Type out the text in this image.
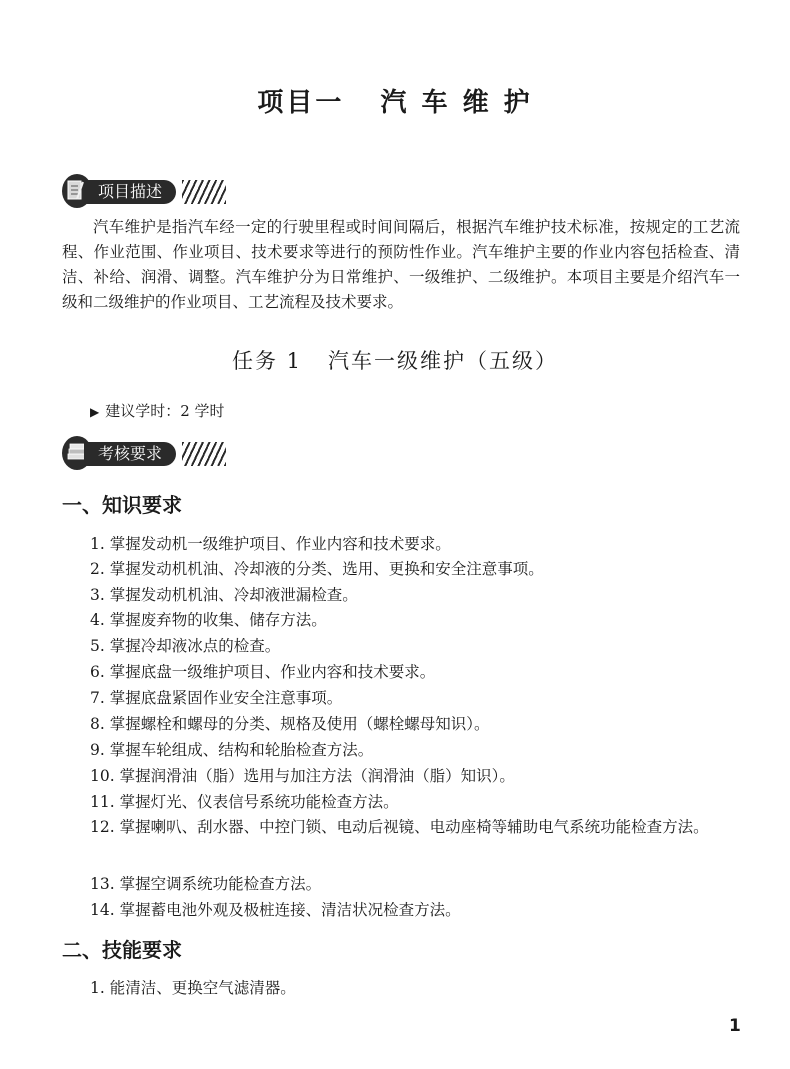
项目一   汽 车 维 护
项目描述

汽车维护是指汽车经一定的行驶里程或时间间隔后，根据汽车维护技术标准，按规定的工艺流程、作业范围、作业项目、技术要求等进行的预防性作业。汽车维护主要的作业内容包括检查、清洁、补给、润滑、调整。汽车维护分为日常维护、一级维护、二级维护。本项目主要是介绍汽车一级和二级维护的作业项目、工艺流程及技术要求。

任务 1   汽车一级维护（五级）
▶ 建议学时：2 学时
考核要求
一、知识要求
1. 掌握发动机一级维护项目、作业内容和技术要求。
2. 掌握发动机机油、冷却液的分类、选用、更换和安全注意事项。
3. 掌握发动机机油、冷却液泄漏检查。
4. 掌握废弃物的收集、储存方法。
5. 掌握冷却液冰点的检查。
6. 掌握底盘一级维护项目、作业内容和技术要求。
7. 掌握底盘紧固作业安全注意事项。
8. 掌握螺栓和螺母的分类、规格及使用（螺栓螺母知识）。
9. 掌握车轮组成、结构和轮胎检查方法。
10. 掌握润滑油（脂）选用与加注方法（润滑油（脂）知识）。
11. 掌握灯光、仪表信号系统功能检查方法。

12. 掌握喇叭、刮水器、中控门锁、电动后视镜、电动座椅等辅助电气系统功能检查方法。

13. 掌握空调系统功能检查方法。
14. 掌握蓄电池外观及极桩连接、清洁状况检查方法。
二、技能要求
1. 能清洁、更换空气滤清器。
1
